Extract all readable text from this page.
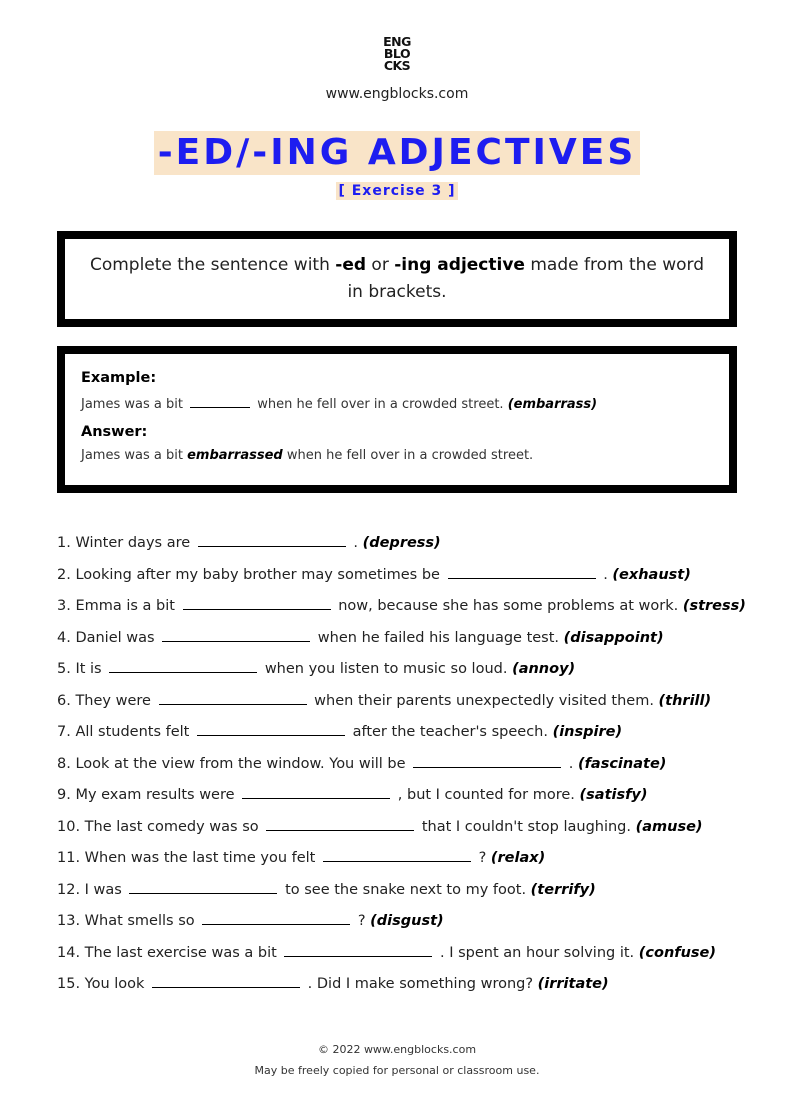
ENG
BLO
CKS
www.engblocks.com
-ED/-ING ADJECTIVES
[ Exercise 3 ]
Complete the sentence with -ed or -ing adjective made from the word in brackets.

Example:

James was a bit	when he fell over in a crowded street. (embarrass)

Answer:

James was a bit embarrassed when he fell over in a crowded street.

1. Winter days are	. (depress)
2. Looking after my baby brother may sometimes be	. (exhaust)
3. Emma is a bit	now, because she has some problems at work. (stress)
4. Daniel was	when he failed his language test. (disappoint)
5. It is	when you listen to music so loud. (annoy)
6. They were	when their parents unexpectedly visited them. (thrill)
7. All students felt	after the teacher's speech. (inspire)
8. Look at the view from the window. You will be	. (fascinate)
9. My exam results were	, but I counted for more. (satisfy)
10. The last comedy was so	that I couldn't stop laughing. (amuse)
11. When was the last time you felt	? (relax)
12. I was	to see the snake next to my foot. (terrify)
13. What smells so	? (disgust)
14. The last exercise was a bit	. I spent an hour solving it. (confuse)
15. You look	. Did I make something wrong? (irritate)
© 2022 www.engblocks.com
May be freely copied for personal or classroom use.
